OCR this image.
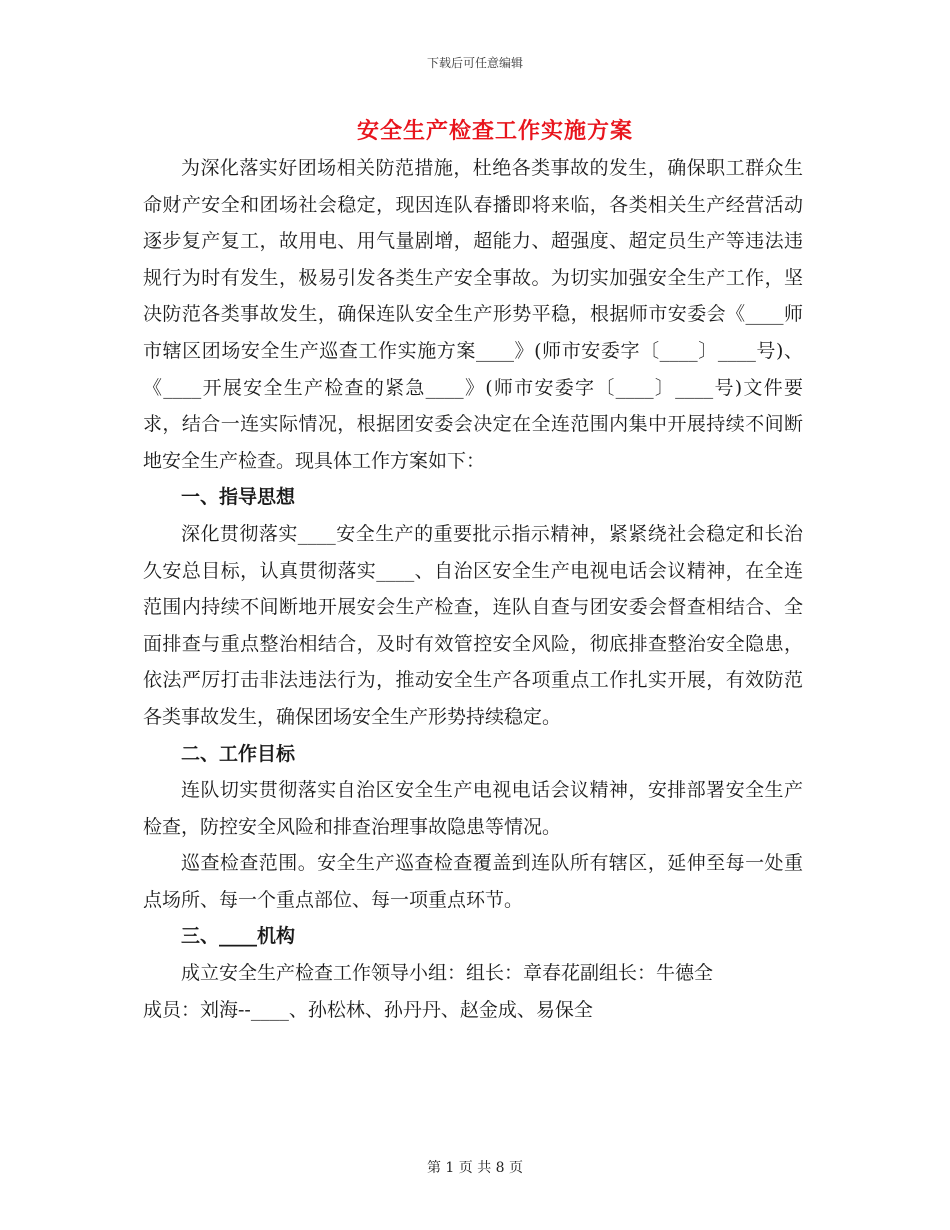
下载后可任意编辑
安全生产检查工作实施方案

为深化落实好团场相关防范措施，杜绝各类事故的发生，确保职工群众生命财产安全和团场社会稳定，现因连队春播即将来临，各类相关生产经营活动逐步复产复工，故用电、用气量剧增，超能力、超强度、超定员生产等违法违规行为时有发生，极易引发各类生产安全事故。为切实加强安全生产工作，坚决防范各类事故发生，确保连队安全生产形势平稳，根据师市安委会《____师市辖区团场安全生产巡查工作实施方案____》(师市安委字〔____〕____号)、《____开展安全生产检查的紧急____》(师市安委字〔____〕____号)文件要求，结合一连实际情况，根据团安委会决定在全连范围内集中开展持续不间断地安全生产检查。现具体工作方案如下：

一、指导思想

深化贯彻落实____安全生产的重要批示指示精神，紧紧绕社会稳定和长治久安总目标，认真贯彻落实____、自治区安全生产电视电话会议精神，在全连范围内持续不间断地开展安会生产检查，连队自查与团安委会督查相结合、全面排查与重点整治相结合，及时有效管控安全风险，彻底排查整治安全隐患，依法严厉打击非法违法行为，推动安全生产各项重点工作扎实开展，有效防范各类事故发生，确保团场安全生产形势持续稳定。

二、工作目标

连队切实贯彻落实自治区安全生产电视电话会议精神，安排部署安全生产检查，防控安全风险和排查治理事故隐患等情况。

巡查检查范围。安全生产巡查检查覆盖到连队所有辖区，延伸至每一处重点场所、每一个重点部位、每一项重点环节。

三、____机构

成立安全生产检查工作领导小组：组长：章春花副组长：牛德全

成员：刘海--____、孙松林、孙丹丹、赵金成、易保全

第 1 页 共 8 页
